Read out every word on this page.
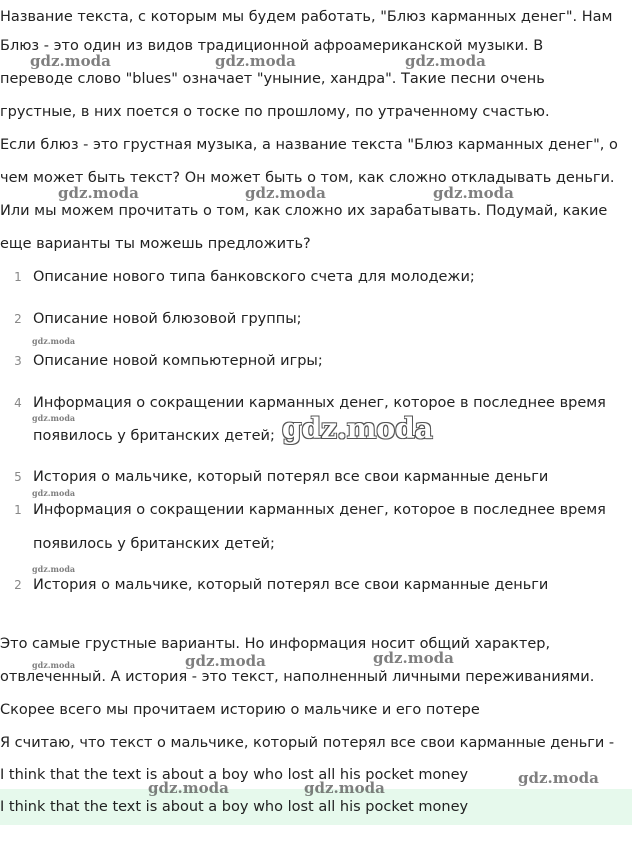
Название текста, с которым мы будем работать, "Блюз карманных денег". Нам
Блюз - это один из видов традиционной афроамериканской музыки. В
переводе слово "blues" означает "уныние, хандра". Такие песни очень
грустные, в них поется о тоске по прошлому, по утраченному счастью.
Если блюз - это грустная музыка, а название текста "Блюз карманных денег", о
чем может быть текст? Он может быть о том, как сложно откладывать деньги.
Или мы можем прочитать о том, как сложно их зарабатывать. Подумай, какие
еще варианты ты можешь предложить?
1 Описание нового типа банковского счета для молодежи;
2 Описание новой блюзовой группы;
3 Описание новой компьютерной игры;
4 Информация о сокращении карманных денег, которое в последнее время
появилось у британских детей;
5 История о мальчике, который потерял все свои карманные деньги
1 Информация о сокращении карманных денег, которое в последнее время
появилось у британских детей;
2 История о мальчике, который потерял все свои карманные деньги
Это самые грустные варианты. Но информация носит общий характер,
отвлеченный. А история - это текст, наполненный личными переживаниями.
Скорее всего мы прочитаем историю о мальчике и его потере
Я считаю, что текст о мальчике, который потерял все свои карманные деньги -
I think that the text is about a boy who lost all his pocket money
I think that the text is about a boy who lost all his pocket money
gdz.moda	gdz.moda	gdz.moda
gdz.moda	gdz.moda	gdz.moda
gdz.moda
gdz.moda	gdz.moda
gdz.moda
gdz.moda
gdz.moda	gdz.moda	gdz.moda
gdz.moda
gdz.moda	gdz.moda
